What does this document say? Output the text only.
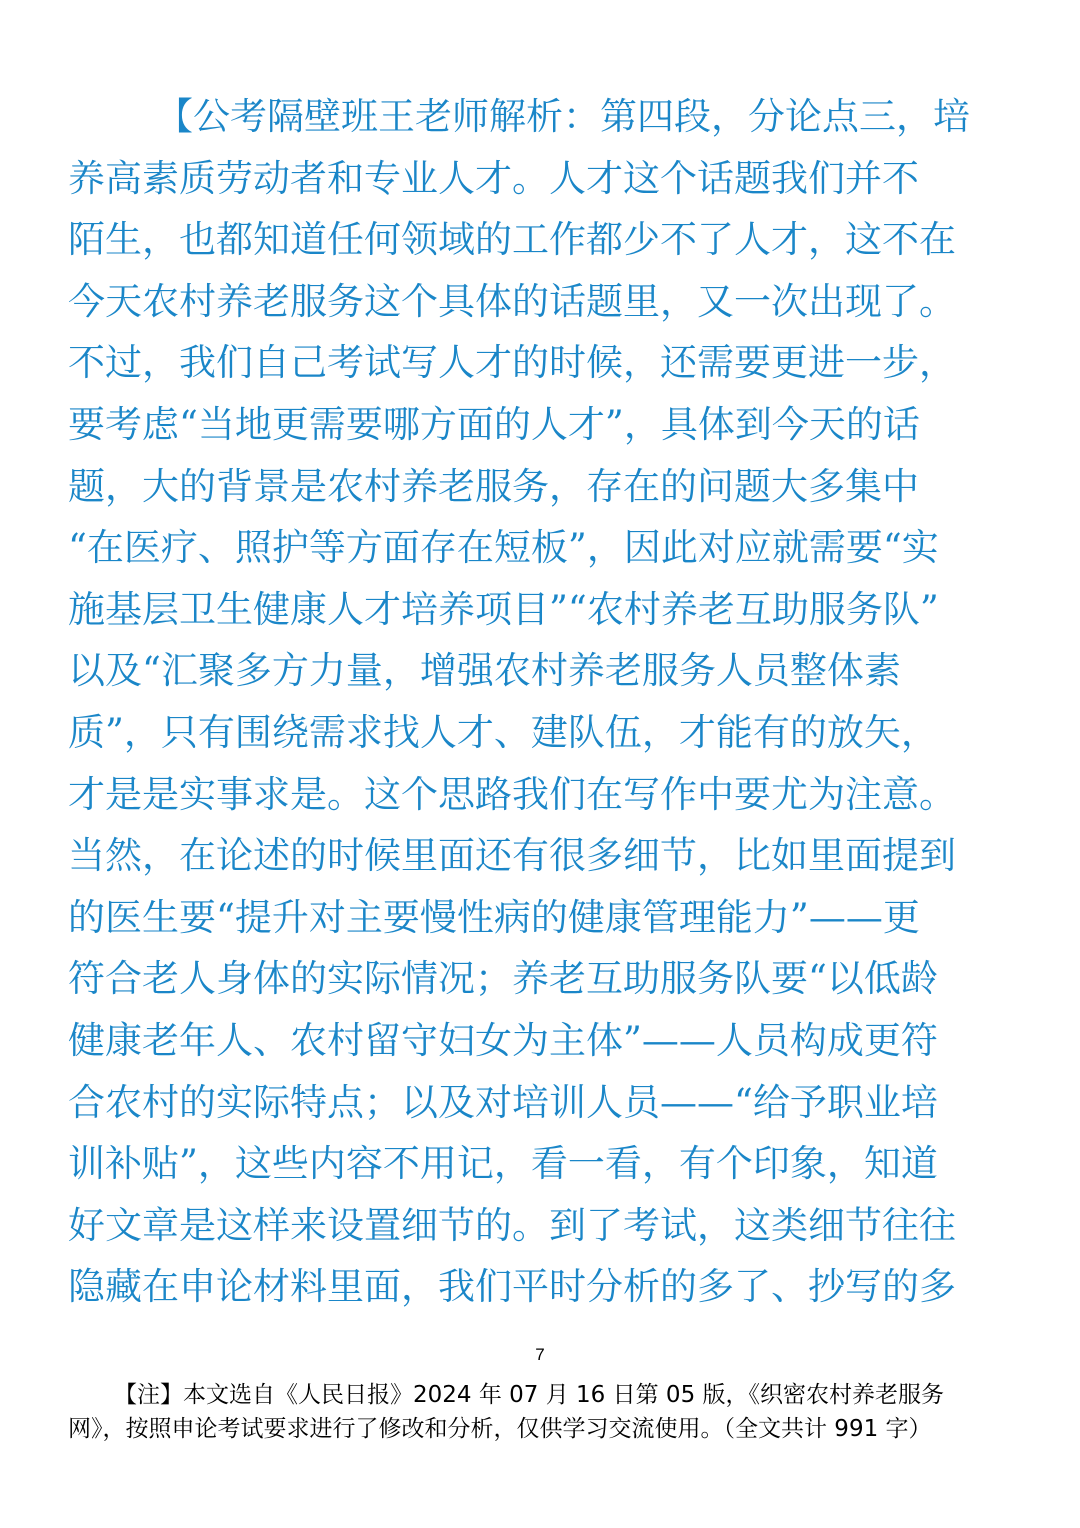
【公考隔壁班王老师解析：第四段，分论点三，培
养高素质劳动者和专业人才。人才这个话题我们并不
陌生，也都知道任何领域的工作都少不了人才，这不在
今天农村养老服务这个具体的话题里，又一次出现了。
不过，我们自己考试写人才的时候，还需要更进一步，
要考虑“当地更需要哪方面的人才”，具体到今天的话
题，大的背景是农村养老服务，存在的问题大多集中
“在医疗、照护等方面存在短板”，因此对应就需要“实
施基层卫生健康人才培养项目”“农村养老互助服务队”
以及“汇聚多方力量，增强农村养老服务人员整体素
质”，只有围绕需求找人才、建队伍，才能有的放矢，
才是是实事求是。这个思路我们在写作中要尤为注意。
当然，在论述的时候里面还有很多细节，比如里面提到
的医生要“提升对主要慢性病的健康管理能力”——更
符合老人身体的实际情况；养老互助服务队要“以低龄
健康老年人、农村留守妇女为主体”——人员构成更符
合农村的实际特点；以及对培训人员——“给予职业培
训补贴”，这些内容不用记，看一看，有个印象，知道
好文章是这样来设置细节的。到了考试，这类细节往往
隐藏在申论材料里面，我们平时分析的多了、抄写的多

7

【注】本文选自《人民日报》2024 年 07 月 16 日第 05 版，《织密农村养老服务
网》，按照申论考试要求进行了修改和分析，仅供学习交流使用。（全文共计 991 字）
